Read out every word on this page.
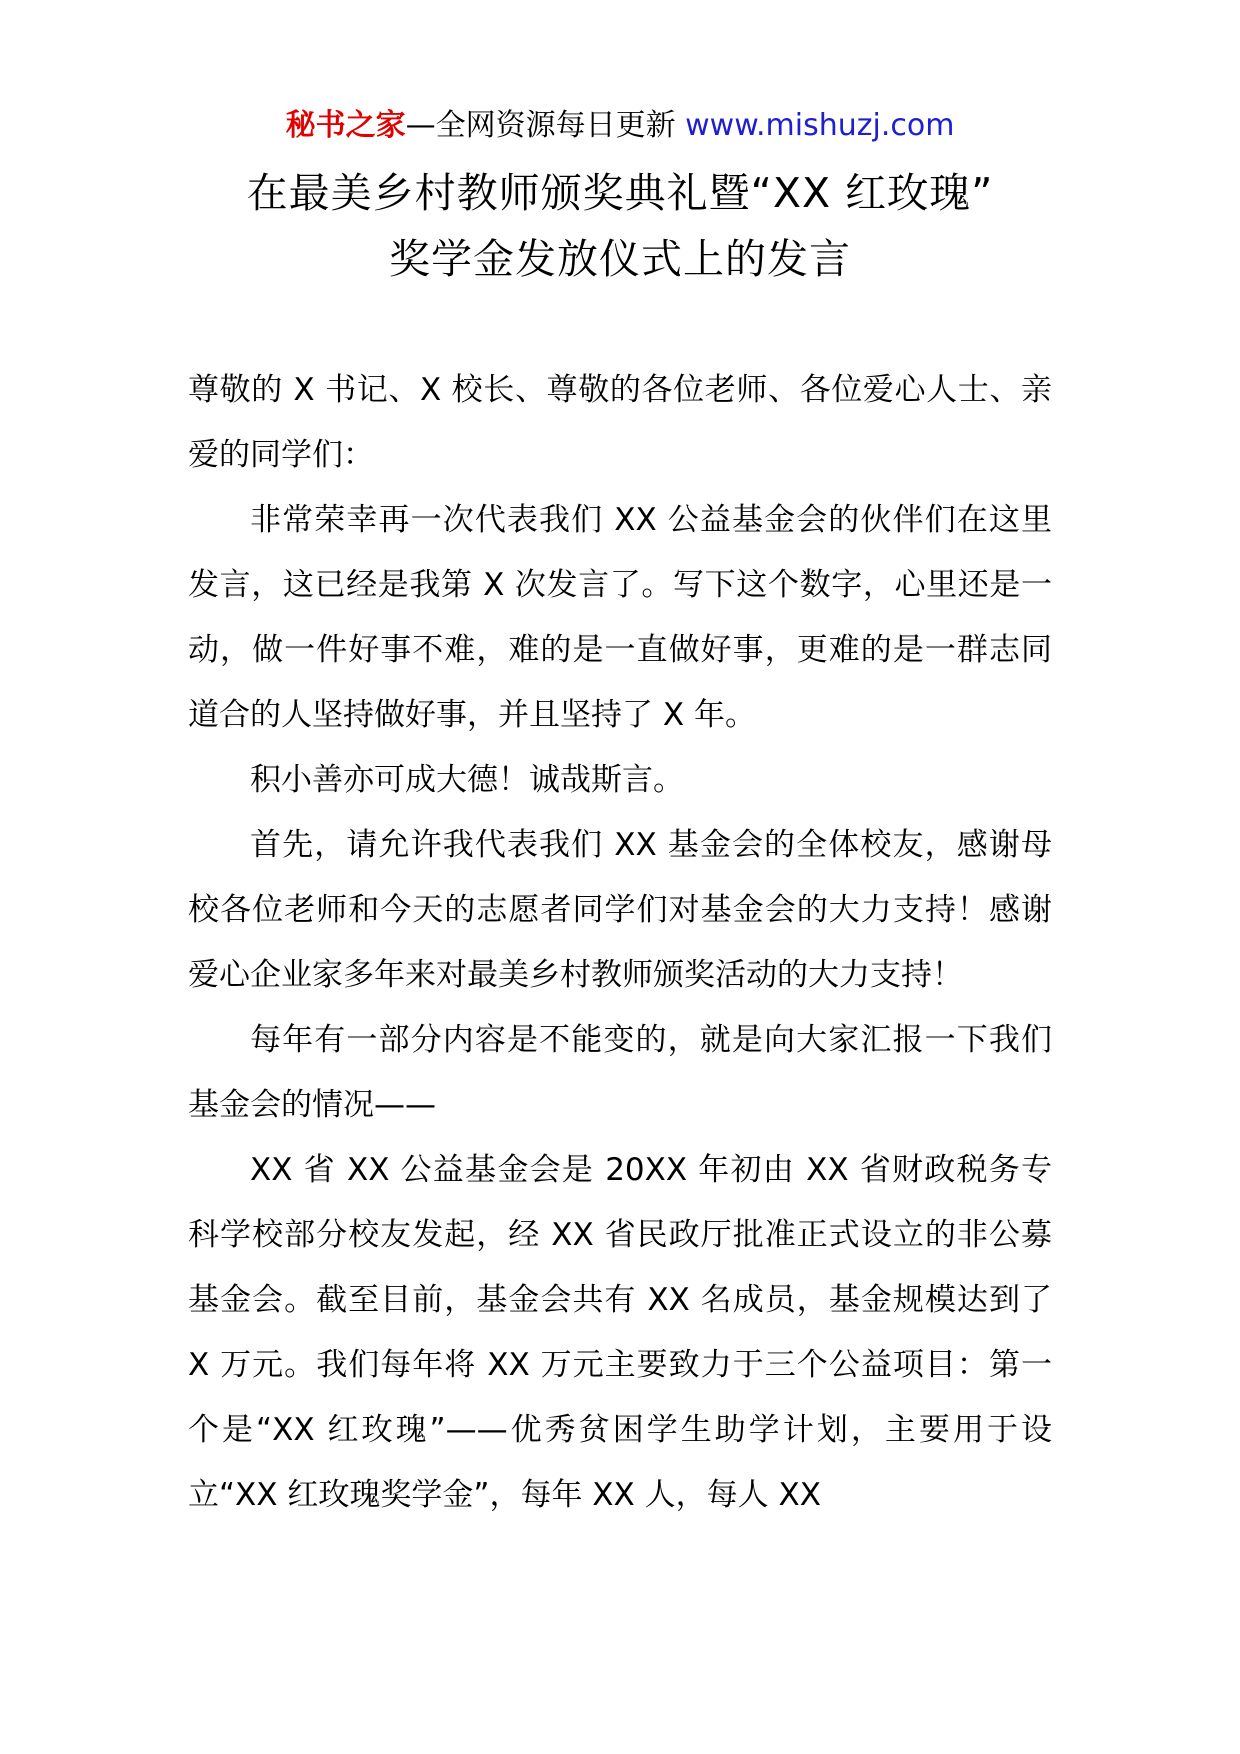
秘书之家—全网资源每日更新 www.mishuzj.com
在最美乡村教师颁奖典礼暨“XX 红玫瑰”
奖学金发放仪式上的发言

尊敬的 X 书记、X 校长、尊敬的各位老师、各位爱心人士、亲爱的同学们：

非常荣幸再一次代表我们 XX 公益基金会的伙伴们在这里发言，这已经是我第 X 次发言了。写下这个数字，心里还是一动，做一件好事不难，难的是一直做好事，更难的是一群志同道合的人坚持做好事，并且坚持了 X 年。

积小善亦可成大德！诚哉斯言。

首先，请允许我代表我们 XX 基金会的全体校友，感谢母校各位老师和今天的志愿者同学们对基金会的大力支持！感谢爱心企业家多年来对最美乡村教师颁奖活动的大力支持！

每年有一部分内容是不能变的，就是向大家汇报一下我们基金会的情况——

XX 省 XX 公益基金会是 20XX 年初由 XX 省财政税务专科学校部分校友发起，经 XX 省民政厅批准正式设立的非公募基金会。截至目前，基金会共有 XX 名成员，基金规模达到了 X 万元。我们每年将 XX 万元主要致力于三个公益项目：第一个是“XX 红玫瑰”——优秀贫困学生助学计划，主要用于设立“XX 红玫瑰奖学金”，每年 XX 人，每人 XX
